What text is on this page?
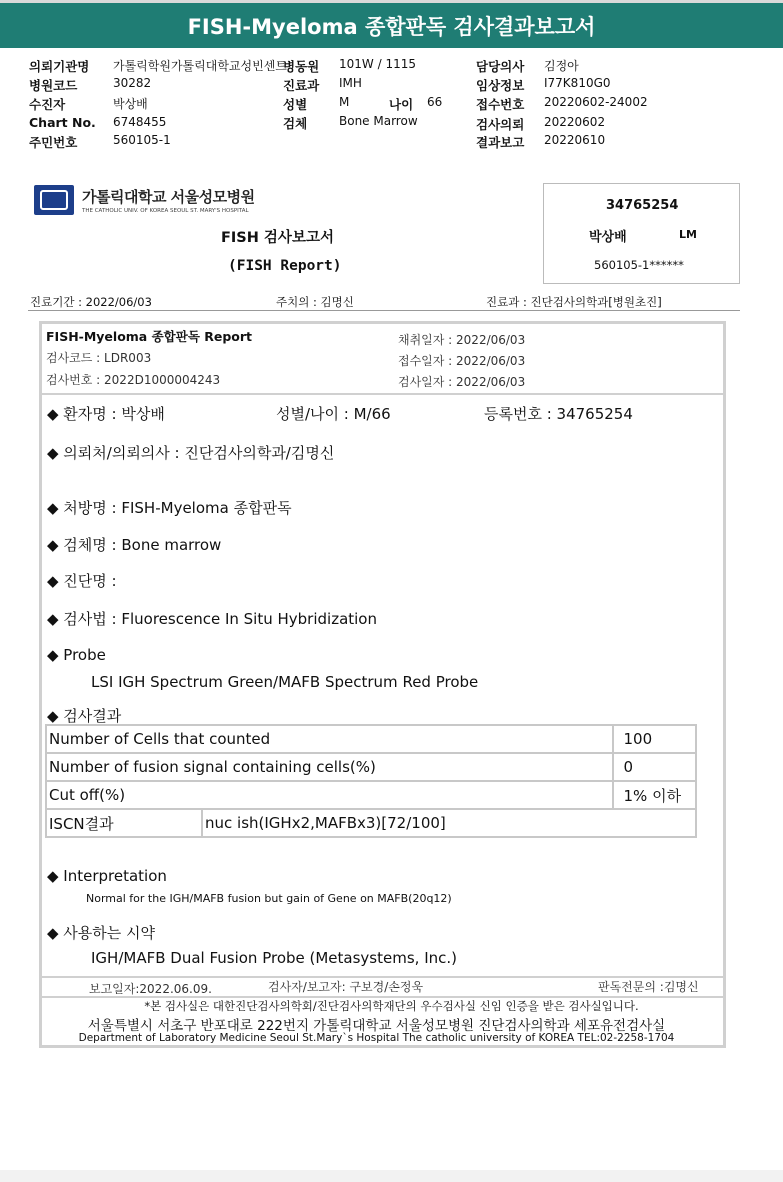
FISH-Myeloma 종합판독 검사결과보고서
의뢰기관명 가톨릭학원가톨릭대학교성빈센트
병원코드	30282
수진자	박상배
Chart No. 6748455
주민번호	560105-1
병동원 101W / 1115
진료과 IMH
성별	M	나이 66
검체	Bone Marrow
담당의사 김정아
임상정보 I77K810G0
접수번호 20220602-24002
검사의뢰 20220602
결과보고 20220610
가톨릭대학교 서울성모병원
THE CATHOLIC UNIV. OF KOREA SEOUL ST. MARY'S HOSPITAL
FISH 검사보고서
(FISH Report)
34765254
박상배	LM
560105-1******
진료기간 : 2022/06/03	주치의 : 김명신	진료과 : 진단검사의학과[병원초진]
FISH-Myeloma 종합판독 Report
검사코드 : LDR003
검사번호 : 2022D1000004243
채취일자 : 2022/06/03
접수일자 : 2022/06/03
검사일자 : 2022/06/03
◆ 환자명 : 박상배	성별/나이 : M/66	등록번호 : 34765254
◆ 의뢰처/의뢰의사 : 진단검사의학과/김명신
◆ 처방명 : FISH-Myeloma 종합판독
◆ 검체명 : Bone marrow
◆ 진단명 :
◆ 검사법 : Fluorescence In Situ Hybridization
◆ Probe
LSI IGH Spectrum Green/MAFB Spectrum Red Probe
◆ 검사결과
Number of Cells that counted		100
Number of fusion signal containing cells(%)		0
Cut off(%)		1% 이하
ISCN결과	nuc ish(IGHx2,MAFBx3)[72/100]	
◆ Interpretation
Normal for the IGH/MAFB fusion but gain of Gene on MAFB(20q12)
◆ 사용하는 시약
IGH/MAFB Dual Fusion Probe (Metasystems, Inc.)
보고일자:2022.06.09.	검사자/보고자: 구보경/손정욱	판독전문의 :김명신
*본 검사실은 대한진단검사의학회/진단검사의학재단의 우수검사실 신임 인증을 받은 검사실입니다.
서울특별시 서초구 반포대로 222번지 가톨릭대학교 서울성모병원 진단검사의학과 세포유전검사실
Department of Laboratory Medicine Seoul St.Mary`s Hospital The catholic university of KOREA TEL:02-2258-1704
